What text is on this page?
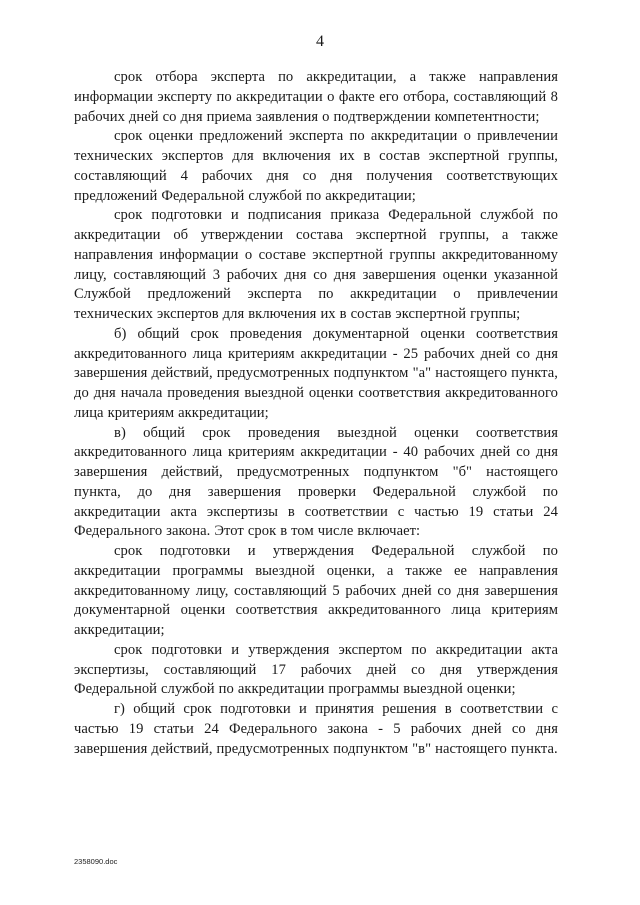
4

срок отбора эксперта по аккредитации, а также направления информации эксперту по аккредитации о факте его отбора, составляющий 8 рабочих дней со дня приема заявления о подтверждении компетентности;

срок оценки предложений эксперта по аккредитации о привлечении технических экспертов для включения их в состав экспертной группы, составляющий 4 рабочих дня со дня получения соответствующих предложений Федеральной службой по аккредитации;

срок подготовки и подписания приказа Федеральной службой по аккредитации об утверждении состава экспертной группы, а также направления информации о составе экспертной группы аккредитованному лицу, составляющий 3 рабочих дня со дня завершения оценки указанной Службой предложений эксперта по аккредитации о привлечении технических экспертов для включения их в состав экспертной группы;

б) общий срок проведения документарной оценки соответствия аккредитованного лица критериям аккредитации - 25 рабочих дней со дня завершения действий, предусмотренных подпунктом "а" настоящего пункта, до дня начала проведения выездной оценки соответствия аккредитованного лица критериям аккредитации;

в) общий срок проведения выездной оценки соответствия аккредитованного лица критериям аккредитации - 40 рабочих дней со дня завершения действий, предусмотренных подпунктом "б" настоящего пункта, до дня завершения проверки Федеральной службой по аккредитации акта экспертизы в соответствии с частью 19 статьи 24 Федерального закона. Этот срок в том числе включает:

срок подготовки и утверждения Федеральной службой по аккредитации программы выездной оценки, а также ее направления аккредитованному лицу, составляющий 5 рабочих дней со дня завершения документарной оценки соответствия аккредитованного лица критериям аккредитации;

срок подготовки и утверждения экспертом по аккредитации акта экспертизы, составляющий 17 рабочих дней со дня утверждения Федеральной службой по аккредитации программы выездной оценки;

г) общий срок подготовки и принятия решения в соответствии с частью 19 статьи 24 Федерального закона - 5 рабочих дней со дня завершения действий, предусмотренных подпунктом "в" настоящего пункта.

2358090.doc
